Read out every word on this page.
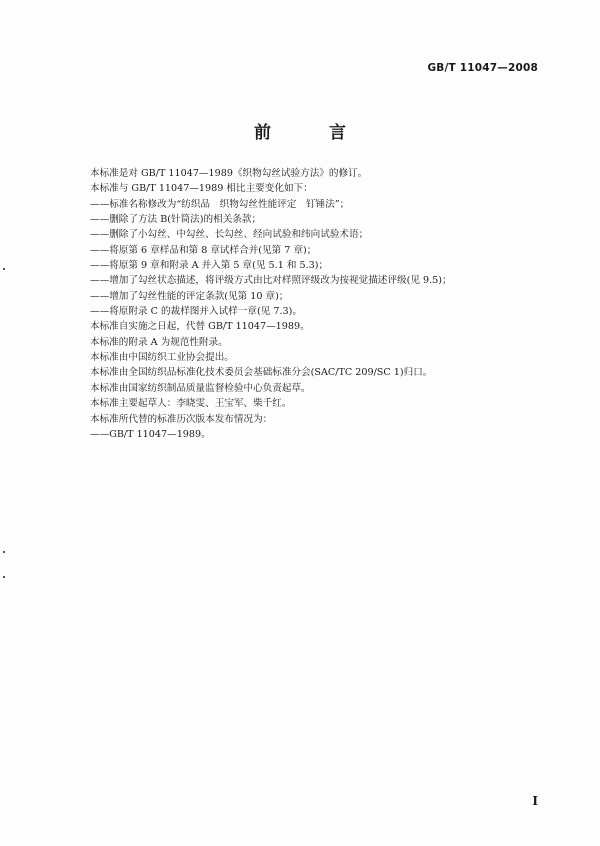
GB/T 11047—2008
前 言
本标准是对 GB/T 11047—1989《织物勾丝试验方法》的修订。
本标准与 GB/T 11047—1989 相比主要变化如下：
——标准名称修改为“纺织品　织物勾丝性能评定　钉锤法”；
——删除了方法 B(针筒法)的相关条款；
——删除了小勾丝、中勾丝、长勾丝、经向试验和纬向试验术语；
——将原第 6 章样品和第 8 章试样合并(见第 7 章)；
——将原第 9 章和附录 A 并入第 5 章(见 5.1 和 5.3)；
——增加了勾丝状态描述，将评级方式由比对样照评级改为按视觉描述评级(见 9.5)；
——增加了勾丝性能的评定条款(见第 10 章)；
——将原附录 C 的裁样图并入试样一章(见 7.3)。
本标准自实施之日起，代替 GB/T 11047—1989。
本标准的附录 A 为规范性附录。
本标准由中国纺织工业协会提出。
本标准由全国纺织品标准化技术委员会基础标准分会(SAC/TC 209/SC 1)归口。
本标准由国家纺织制品质量监督检验中心负责起草。
本标准主要起草人：李晓雯、王宝军、柴千红。
本标准所代替的标准历次版本发布情况为：
——GB/T 11047—1989。
I
